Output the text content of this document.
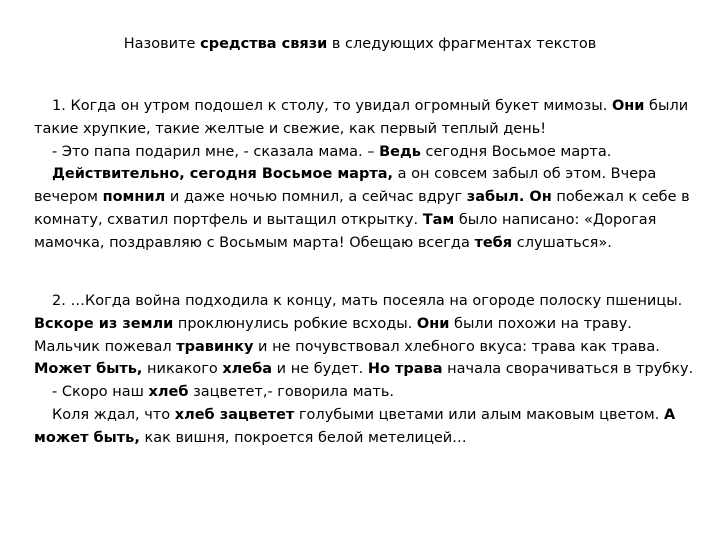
Назовите средства связи в следующих фрагментах текстов
1. Когда он утром подошел к столу, то увидал огромный букет мимозы. Они были
такие хрупкие, такие желтые и свежие, как первый теплый день!
- Это папа подарил мне, - сказала мама. – Ведь сегодня Восьмое марта.
Действительно, сегодня Восьмое марта, а он совсем забыл об этом. Вчера
вечером помнил и даже ночью помнил, а сейчас вдруг забыл. Он побежал к себе в
комнату, схватил портфель и вытащил открытку. Там было написано: «Дорогая
мамочка, поздравляю с Восьмым марта! Обещаю всегда тебя слушаться».
2. …Когда война подходила к концу, мать посеяла на огороде полоску пшеницы.
Вскоре из земли проклюнулись робкие всходы. Они были похожи на траву.
Мальчик пожевал травинку и не почувствовал хлебного вкуса: трава как трава.
Может быть, никакого хлеба и не будет. Но трава начала сворачиваться в трубку.
- Скоро наш хлеб зацветет,- говорила мать.
Коля ждал, что хлеб зацветет голубыми цветами или алым маковым цветом. А
может быть, как вишня, покроется белой метелицей…
